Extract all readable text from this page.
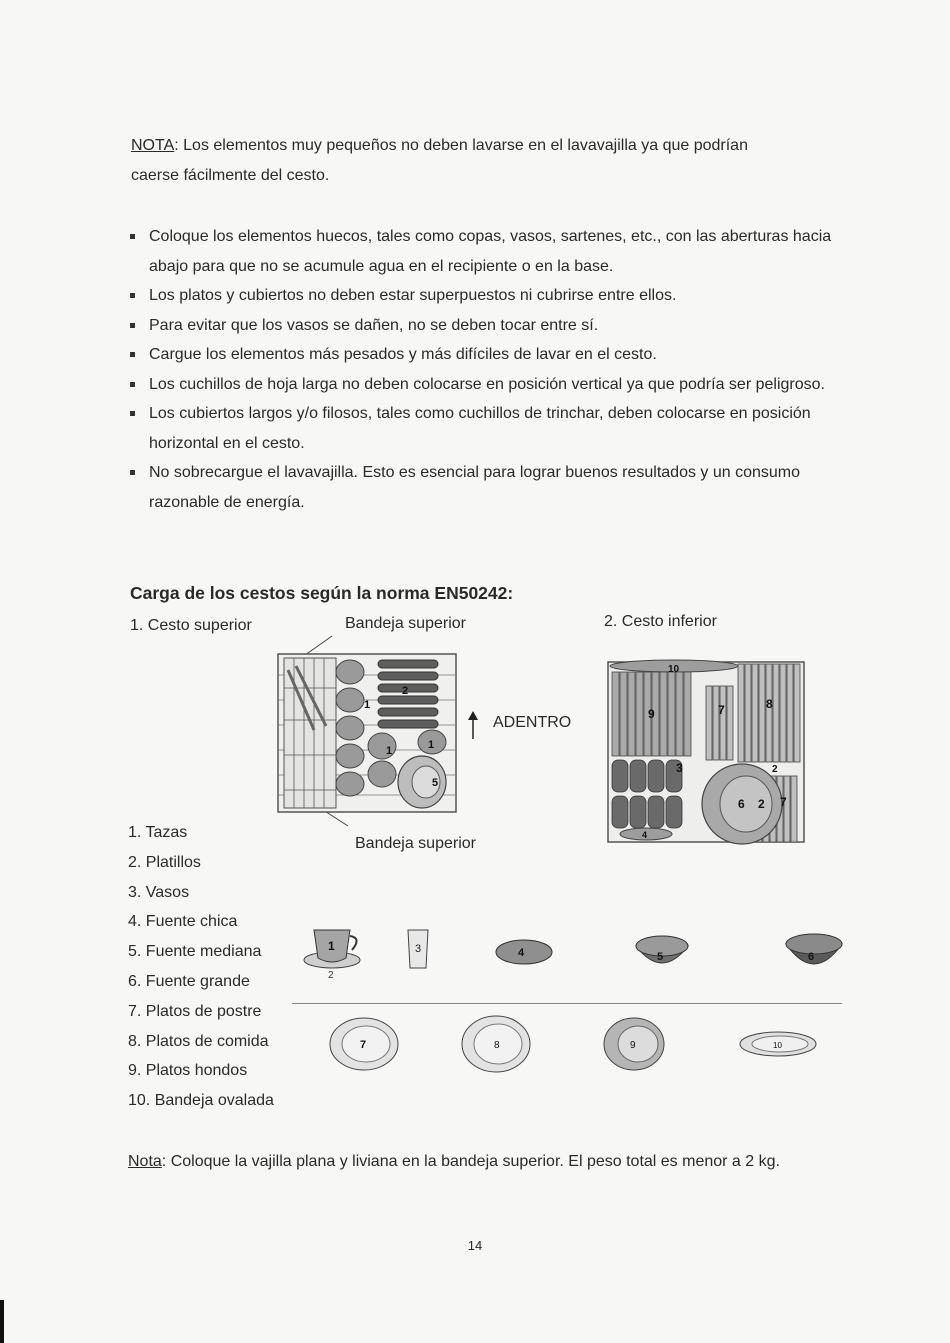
NOTA: Los elementos muy pequeños no deben lavarse en el lavavajilla ya que podrían
caerse fácilmente del cesto.
Coloque los elementos huecos, tales como copas, vasos, sartenes, etc., con las aberturas hacia abajo para que no se acumule agua en el recipiente o en la base.
Los platos y cubiertos no deben estar superpuestos ni cubrirse entre ellos.
Para evitar que los vasos se dañen, no se deben tocar entre sí.
Cargue los elementos más pesados y más difíciles de lavar en el cesto.
Los cuchillos de hoja larga no deben colocarse en posición vertical ya que podría ser peligroso.
Los cubiertos largos y/o filosos, tales como cuchillos de trinchar, deben colocarse en posición horizontal en el cesto.
No sobrecargue el lavavajilla. Esto es esencial para lograr buenos resultados y un consumo razonable de energía.
Carga de los cestos según la norma EN50242:
1. Cesto superior	Bandeja superior	2. Cesto inferior
ADENTRO
Bandeja superior
1
2
1	1
5
10
9	7	8
3	2
6 2 7
4
1. Tazas
2. Platillos
3. Vasos
4. Fuente chica
5. Fuente mediana
6. Fuente grande
7. Platos de postre
8. Platos de comida
9. Platos hondos
10. Bandeja ovalada
1
2
3	4	5	6
7	8	9	10
Nota: Coloque la vajilla plana y liviana en la bandeja superior. El peso total es menor a 2 kg.
14
